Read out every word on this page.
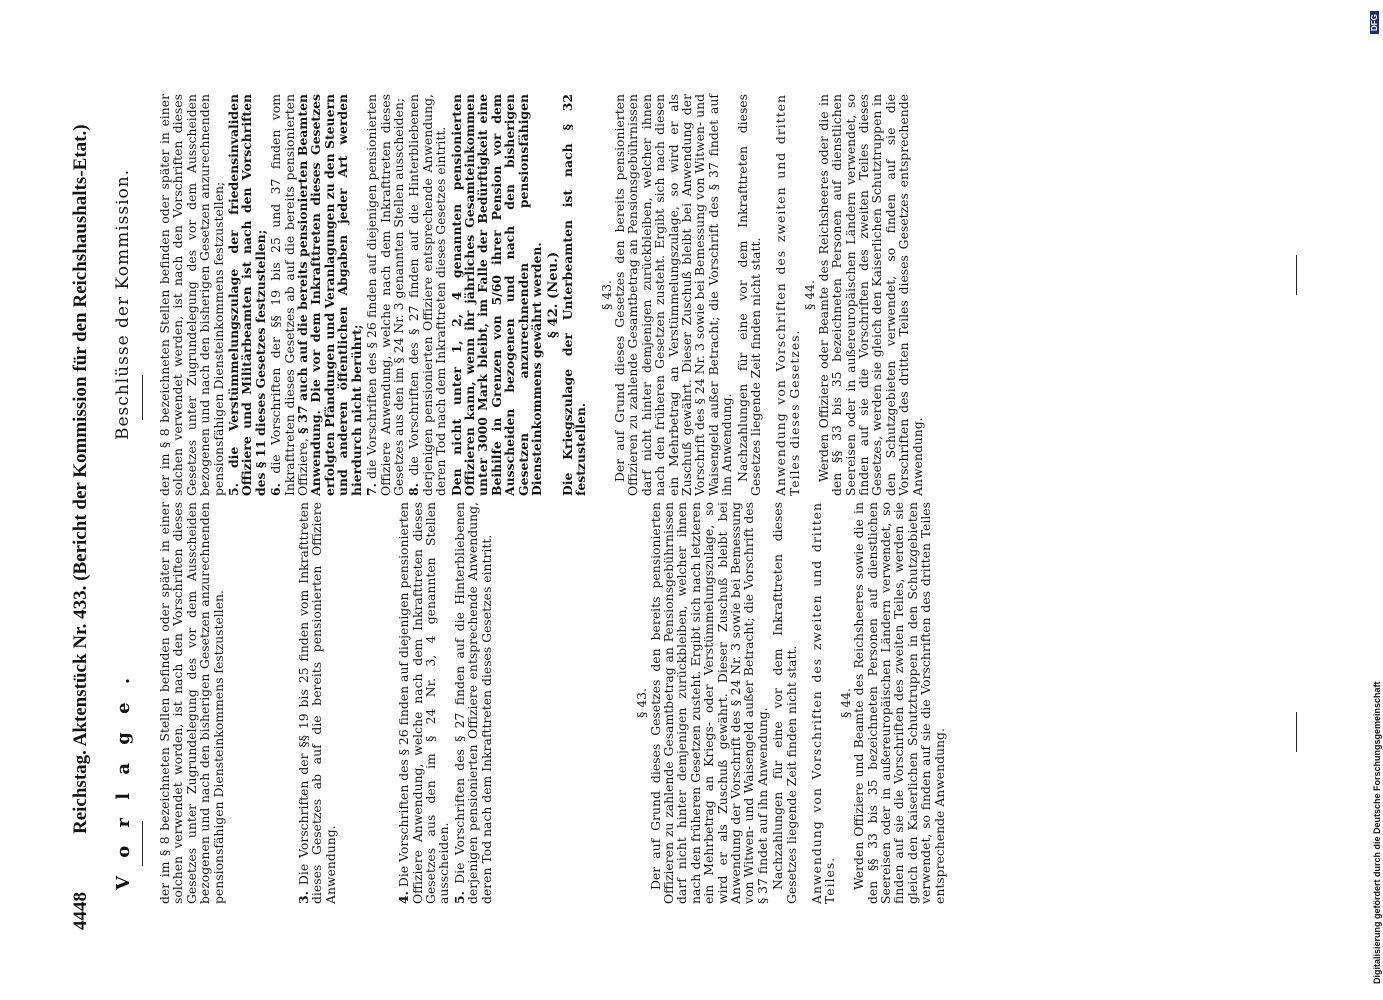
4448
Reichstag. Aktenstück Nr. 433. (Bericht der Kommission für den Reichshaushalts-Etat.) V o r l a g e .
Beschlüsse der Kommission.

der im § 8 bezeichneten Stellen befinden oder später in einer solchen verwendet worden, ist nach den Vorschriften dieses Gesetzes unter Zugrundelegung des vor dem Ausscheiden bezogenen und nach den bisherigen Gesetzen anzurechnenden pensionsfähigen Diensteinkommens festzustellen.	3. Die Vorschriften der §§ 19 bis 25 finden vom Inkrafttreten dieses Gesetzes ab auf die bereits pensionierten Offiziere Anwendung.	4. Die Vorschriften des § 26 finden auf diejenigen pensionierten Offiziere Anwendung, welche nach dem Inkrafttreten dieses Gesetzes aus den im § 24 Nr. 3, 4 genannten Stellen ausscheiden. 5. Die Vorschriften des § 27 finden auf die Hinterbliebenen derjenigen pensionierten Offiziere entsprechende Anwendung, deren Tod nach dem Inkrafttreten dieses Gesetzes eintritt.	§ 43.

Der auf Grund dieses Gesetzes den bereits pensionierten Offizieren zu zahlende Gesamtbetrag an Pensionsgebührnissen darf nicht hinter demjenigen zurückbleiben, welcher ihnen nach den früheren Gesetzen zusteht. Ergibt sich nach letzteren ein Mehrbetrag an Kriegs- oder Verstümmelungszulage, so wird er als Zuschuß gewährt. Dieser Zuschuß bleibt bei Anwendung der Vorschrift des § 24 Nr. 3 sowie bei Bemessung von Witwen- und Waisengeld außer Betracht; die Vorschrift des § 37 findet auf ihn Anwendung. Nachzahlungen für eine vor dem Inkrafttreten dieses Gesetzes liegende Zeit finden nicht statt. Anwendung von Vorschriften des zweiten und dritten Teiles.

§ 44.

Werden Offiziere und Beamte des Reichsheeres sowie die in den §§ 33 bis 35 bezeichneten Personen auf dienstlichen Seereisen oder in außereuropäischen Ländern verwendet, so finden auf sie die Vorschriften des zweiten Teiles, werden sie gleich den Kaiserlichen Schutztruppen in den Schutzgebieten verwendet, so finden auf sie die Vorschriften des dritten Teiles entsprechende Anwendung.

der im § 8 bezeichneten Stellen befinden oder später in einer solchen verwendet werden, ist nach den Vorschriften dieses Gesetzes unter Zugrundelegung des vor dem Ausscheiden bezogenen und nach den bisherigen Gesetzen anzurechnenden pensionsfähigen Diensteinkommens festzustellen; 5. die Verstümmelungszulage der friedensinvaliden Offiziere und Militärbeamten ist nach den Vorschriften des § 11 dieses Gesetzes festzustellen; 6. die Vorschriften der §§ 19 bis 25 und 37 finden vom Inkrafttreten dieses Gesetzes ab auf die bereits pensionierten Offiziere, § 37 auch auf die bereits pensionierten Beamten Anwendung. Die vor dem Inkrafttreten dieses Gesetzes erfolgten Pfändungen und Veranlagungen zu den Steuern und anderen öffentlichen Abgaben jeder Art werden hierdurch nicht berührt; 7. die Vorschriften des § 26 finden auf diejenigen pensionierten Offiziere Anwendung, welche nach dem Inkrafttreten dieses Gesetzes aus den im § 24 Nr. 3 genannten Stellen ausscheiden; 8. die Vorschriften des § 27 finden auf die Hinterbliebenen derjenigen pensionierten Offiziere entsprechende Anwendung, deren Tod nach dem Inkrafttreten dieses Gesetzes eintritt. Den nicht unter 1, 2, 4 genannten pensionierten Offizieren kann, wenn ihr jährliches Gesamteinkommen unter 3000 Mark bleibt, im Falle der Bedürftigkeit eine Beihilfe in Grenzen von 5/60 ihrer Pension vor dem Ausscheiden bezogenen und nach den bisherigen Gesetzen anzurechnenden pensionsfähigen Diensteinkommens gewährt werden. § 42. (Neu.)

Die Kriegszulage der Unterbeamten ist nach § 32 festzustellen.

§ 43.

Der auf Grund dieses Gesetzes den bereits pensionierten Offizieren zu zahlende Gesamtbetrag an Pensionsgebührnissen darf nicht hinter demjenigen zurückbleiben, welcher ihnen nach den früheren Gesetzen zusteht. Ergibt sich nach diesen ein Mehrbetrag an Verstümmelungszulage, so wird er als Zuschuß gewährt. Dieser Zuschuß bleibt bei Anwendung der Vorschrift des § 24 Nr. 3 sowie bei Bemessung von Witwen- und Waisengeld außer Betracht; die Vorschrift des § 37 findet auf ihn Anwendung. Nachzahlungen für eine vor dem Inkrafttreten dieses Gesetzes liegende Zeit finden nicht statt. Anwendung von Vorschriften des zweiten und dritten Teiles dieses Gesetzes.

§ 44.

Werden Offiziere oder Beamte des Reichsheeres oder die in den §§ 33 bis 35 bezeichneten Personen auf dienstlichen Seereisen oder in außereuropäischen Ländern verwendet, so finden auf sie die Vorschriften des zweiten Teiles dieses Gesetzes, werden sie gleich den Kaiserlichen Schutztruppen in den Schutzgebieten verwendet, so finden auf sie die Vorschriften des dritten Teiles dieses Gesetzes entsprechende Anwendung.

Digitalisierung gefördert durch die Deutsche Forschungsgemeinschaft
DFG
